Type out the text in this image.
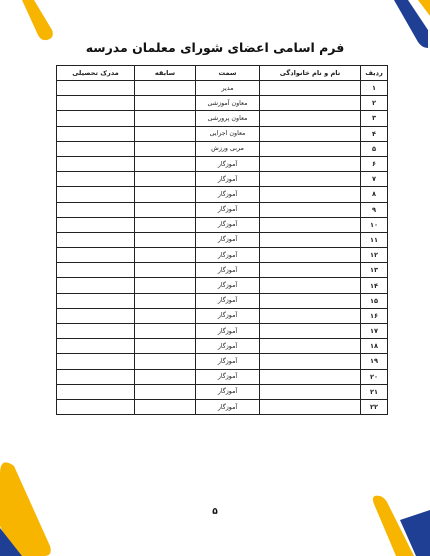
فرم اسامی اعضای شورای معلمان مدرسه
ردیف	نام و نام خانوادگی	سمت	سابقه	مدرک تحصیلی
۱		مدیر		
۲		معاون آموزشی		
۳		معاون پرورشی		
۴		معاون اجرایی		
۵		مربی ورزش		
۶		آموزگار		
۷		آموزگار		
۸		آموزگار		
۹		آموزگار		
۱۰		آموزگار		
۱۱		آموزگار		
۱۲		آموزگار		
۱۳		آموزگار		
۱۴		آموزگار		
۱۵		آموزگار		
۱۶		آموزگار		
۱۷		آموزگار		
۱۸		آموزگار		
۱۹		آموزگار		
۲۰		آموزگار		
۲۱		آموزگار		
۲۲		آموزگار		
۵
